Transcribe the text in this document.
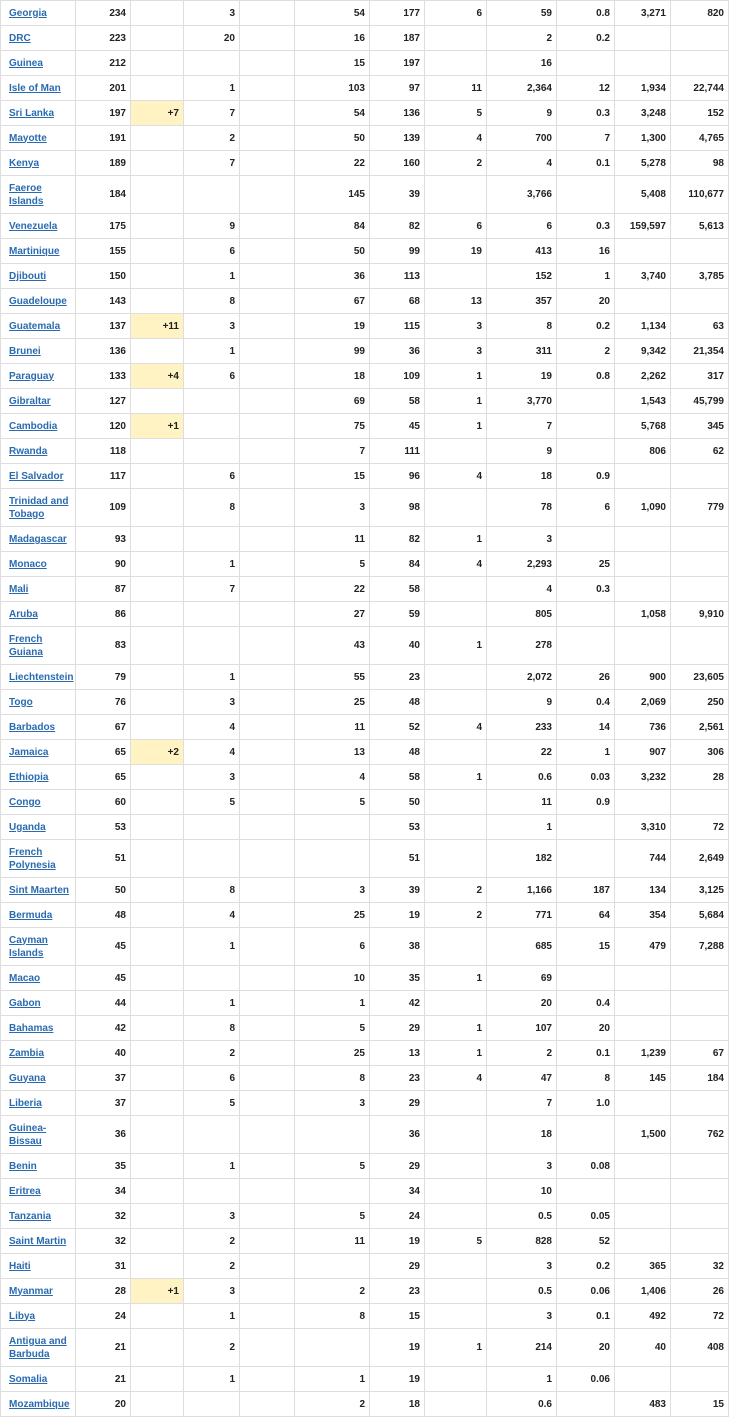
Georgia	234		3		54	177	6	59	0.8	3,271	820
DRC	223		20		16	187		2	0.2		
Guinea	212				15	197		16			
Isle of Man	201		1		103	97	11	2,364	12	1,934	22,744
Sri Lanka	197	+7	7		54	136	5	9	0.3	3,248	152
Mayotte	191		2		50	139	4	700	7	1,300	4,765
Kenya	189		7		22	160	2	4	0.1	5,278	98
Faeroe Islands	184				145	39		3,766		5,408	110,677
Venezuela	175		9		84	82	6	6	0.3	159,597	5,613
Martinique	155		6		50	99	19	413	16		
Djibouti	150		1		36	113		152	1	3,740	3,785
Guadeloupe	143		8		67	68	13	357	20		
Guatemala	137	+11	3		19	115	3	8	0.2	1,134	63
Brunei	136		1		99	36	3	311	2	9,342	21,354
Paraguay	133	+4	6		18	109	1	19	0.8	2,262	317
Gibraltar	127				69	58	1	3,770		1,543	45,799
Cambodia	120	+1			75	45	1	7		5,768	345
Rwanda	118				7	111		9		806	62
El Salvador	117		6		15	96	4	18	0.9		
Trinidad and Tobago	109		8		3	98		78	6	1,090	779
Madagascar	93				11	82	1	3			
Monaco	90		1		5	84	4	2,293	25		
Mali	87		7		22	58		4	0.3		
Aruba	86				27	59		805		1,058	9,910
French Guiana	83				43	40	1	278			
Liechtenstein	79		1		55	23		2,072	26	900	23,605
Togo	76		3		25	48		9	0.4	2,069	250
Barbados	67		4		11	52	4	233	14	736	2,561
Jamaica	65	+2	4		13	48		22	1	907	306
Ethiopia	65		3		4	58	1	0.6	0.03	3,232	28
Congo	60		5		5	50		11	0.9		
Uganda	53					53		1		3,310	72
French Polynesia	51					51		182		744	2,649
Sint Maarten	50		8		3	39	2	1,166	187	134	3,125
Bermuda	48		4		25	19	2	771	64	354	5,684
Cayman Islands	45		1		6	38		685	15	479	7,288
Macao	45				10	35	1	69			
Gabon	44		1		1	42		20	0.4		
Bahamas	42		8		5	29	1	107	20		
Zambia	40		2		25	13	1	2	0.1	1,239	67
Guyana	37		6		8	23	4	47	8	145	184
Liberia	37		5		3	29		7	1.0		
Guinea-Bissau	36					36		18		1,500	762
Benin	35		1		5	29		3	0.08		
Eritrea	34					34		10			
Tanzania	32		3		5	24		0.5	0.05		
Saint Martin	32		2		11	19	5	828	52		
Haiti	31		2			29		3	0.2	365	32
Myanmar	28	+1	3		2	23		0.5	0.06	1,406	26
Libya	24		1		8	15		3	0.1	492	72
Antigua and Barbuda	21		2			19	1	214	20	40	408
Somalia	21		1		1	19		1	0.06		
Mozambique	20				2	18		0.6		483	15
